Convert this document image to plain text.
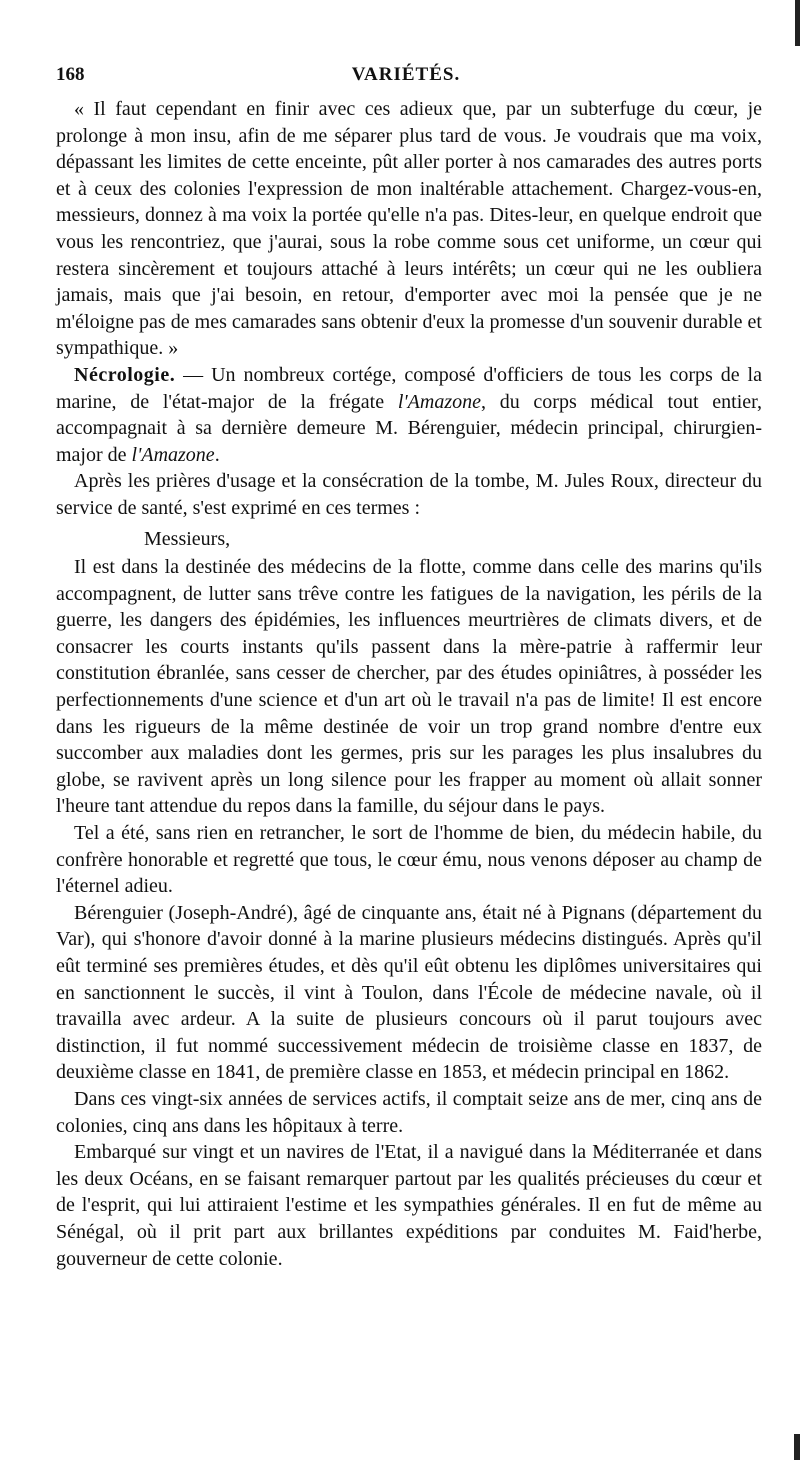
168	VARIÉTÉS.

« Il faut cependant en finir avec ces adieux que, par un subterfuge du cœur, je prolonge à mon insu, afin de me séparer plus tard de vous. Je voudrais que ma voix, dépassant les limites de cette enceinte, pût aller porter à nos camarades des autres ports et à ceux des colonies l'expression de mon inaltérable attachement. Chargez-vous-en, messieurs, donnez à ma voix la portée qu'elle n'a pas. Dites-leur, en quelque endroit que vous les rencontriez, que j'aurai, sous la robe comme sous cet uniforme, un cœur qui restera sincèrement et toujours attaché à leurs intérêts; un cœur qui ne les oubliera jamais, mais que j'ai besoin, en retour, d'emporter avec moi la pensée que je ne m'éloigne pas de mes camarades sans obtenir d'eux la promesse d'un souvenir durable et sympathique. »

Nécrologie. — Un nombreux cortége, composé d'officiers de tous les corps de la marine, de l'état-major de la frégate l'Amazone, du corps médical tout entier, accompagnait à sa dernière demeure M. Bérenguier, médecin principal, chirurgien-major de l'Amazone.

Après les prières d'usage et la consécration de la tombe, M. Jules Roux, directeur du service de santé, s'est exprimé en ces termes :

Messieurs,

Il est dans la destinée des médecins de la flotte, comme dans celle des marins qu'ils accompagnent, de lutter sans trêve contre les fatigues de la navigation, les périls de la guerre, les dangers des épidémies, les influences meurtrières de climats divers, et de consacrer les courts instants qu'ils passent dans la mère-patrie à raffermir leur constitution ébranlée, sans cesser de chercher, par des études opiniâtres, à posséder les perfectionnements d'une science et d'un art où le travail n'a pas de limite! Il est encore dans les rigueurs de la même destinée de voir un trop grand nombre d'entre eux succomber aux maladies dont les germes, pris sur les parages les plus insalubres du globe, se ravivent après un long silence pour les frapper au moment où allait sonner l'heure tant attendue du repos dans la famille, du séjour dans le pays.

Tel a été, sans rien en retrancher, le sort de l'homme de bien, du médecin habile, du confrère honorable et regretté que tous, le cœur ému, nous venons déposer au champ de l'éternel adieu.

Bérenguier (Joseph-André), âgé de cinquante ans, était né à Pignans (département du Var), qui s'honore d'avoir donné à la marine plusieurs médecins distingués. Après qu'il eût terminé ses premières études, et dès qu'il eût obtenu les diplômes universitaires qui en sanctionnent le succès, il vint à Toulon, dans l'École de médecine navale, où il travailla avec ardeur. A la suite de plusieurs concours où il parut toujours avec distinction, il fut nommé successivement médecin de troisième classe en 1837, de deuxième classe en 1841, de première classe en 1853, et médecin principal en 1862.

Dans ces vingt-six années de services actifs, il comptait seize ans de mer, cinq ans de colonies, cinq ans dans les hôpitaux à terre.

Embarqué sur vingt et un navires de l'Etat, il a navigué dans la Méditerranée et dans les deux Océans, en se faisant remarquer partout par les qualités précieuses du cœur et de l'esprit, qui lui attiraient l'estime et les sympathies générales. Il en fut de même au Sénégal, où il prit part aux brillantes expéditions par conduites M. Faid'herbe, gouverneur de cette colonie.
